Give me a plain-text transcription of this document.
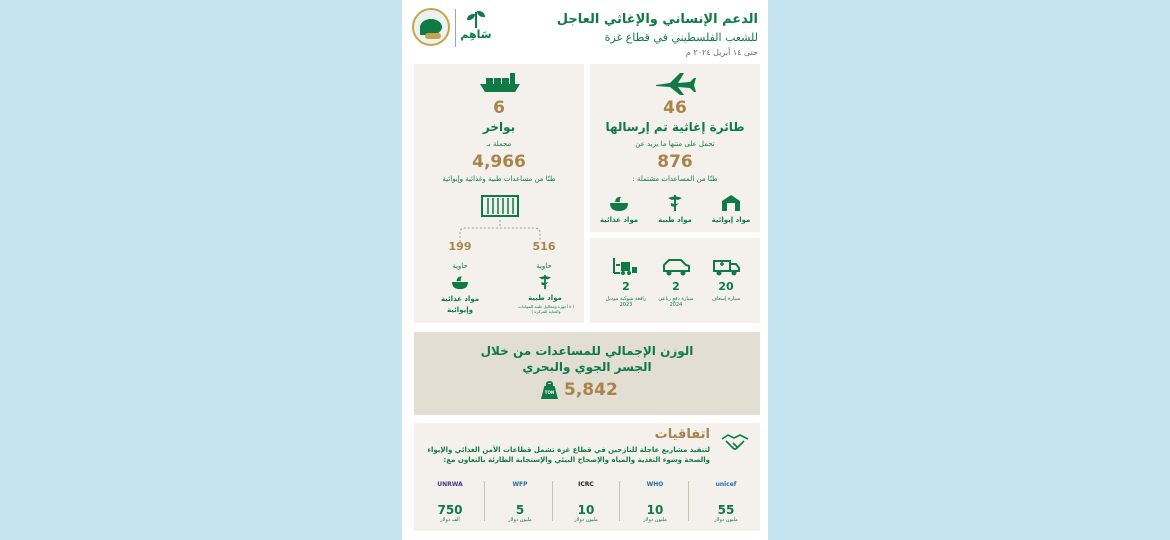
سَاهِم
الدعم الإنساني والإغاثي العاجل
للشعب الفلسطيني في قطاع غزة
حتى ١٤ أبريل ٢٠٢٤ م
46
طائرة إغاثية تم إرسالها
تحمل على متنها ما يزيد عن
876
طنًا من المساعدات مشتملة :
مواد إيوائية
مواد طبية
مواد غذائية
20
2
2
سيارة إسعاف
سيارة دفع رباعي 2024
رافعة شوكية موديل 2023
6
بواخر
محملة بـ
4,966
طنًا من مساعدات طبية وغذائية وإيوائية
516
حاوية
199
حاوية
مواد طبية
( ٨ أجهزة ومحاليل طبية للمولدات والعناية المركزة )
مواد غذائية وإيوائية
الوزن الإجمالي للمساعدات من خلال
الجسر الجوي والبحري
TON 5,842
اتفاقيات
لتنفيذ مشاريع عاجلة للنازحين في قطاع غزة تشمل قطاعات الأمن الغذائي والإيواء
والصحة وسوء التغذية والمياه والإصحاح البيئي والإستجابة الطارئة بالتعاون مع:
unicef
55
مليون دولار
WHO
10
مليون دولار
ICRC
10
مليون دولار
WFP
5
مليون دولار
UNRWA
750
ألف دولار
